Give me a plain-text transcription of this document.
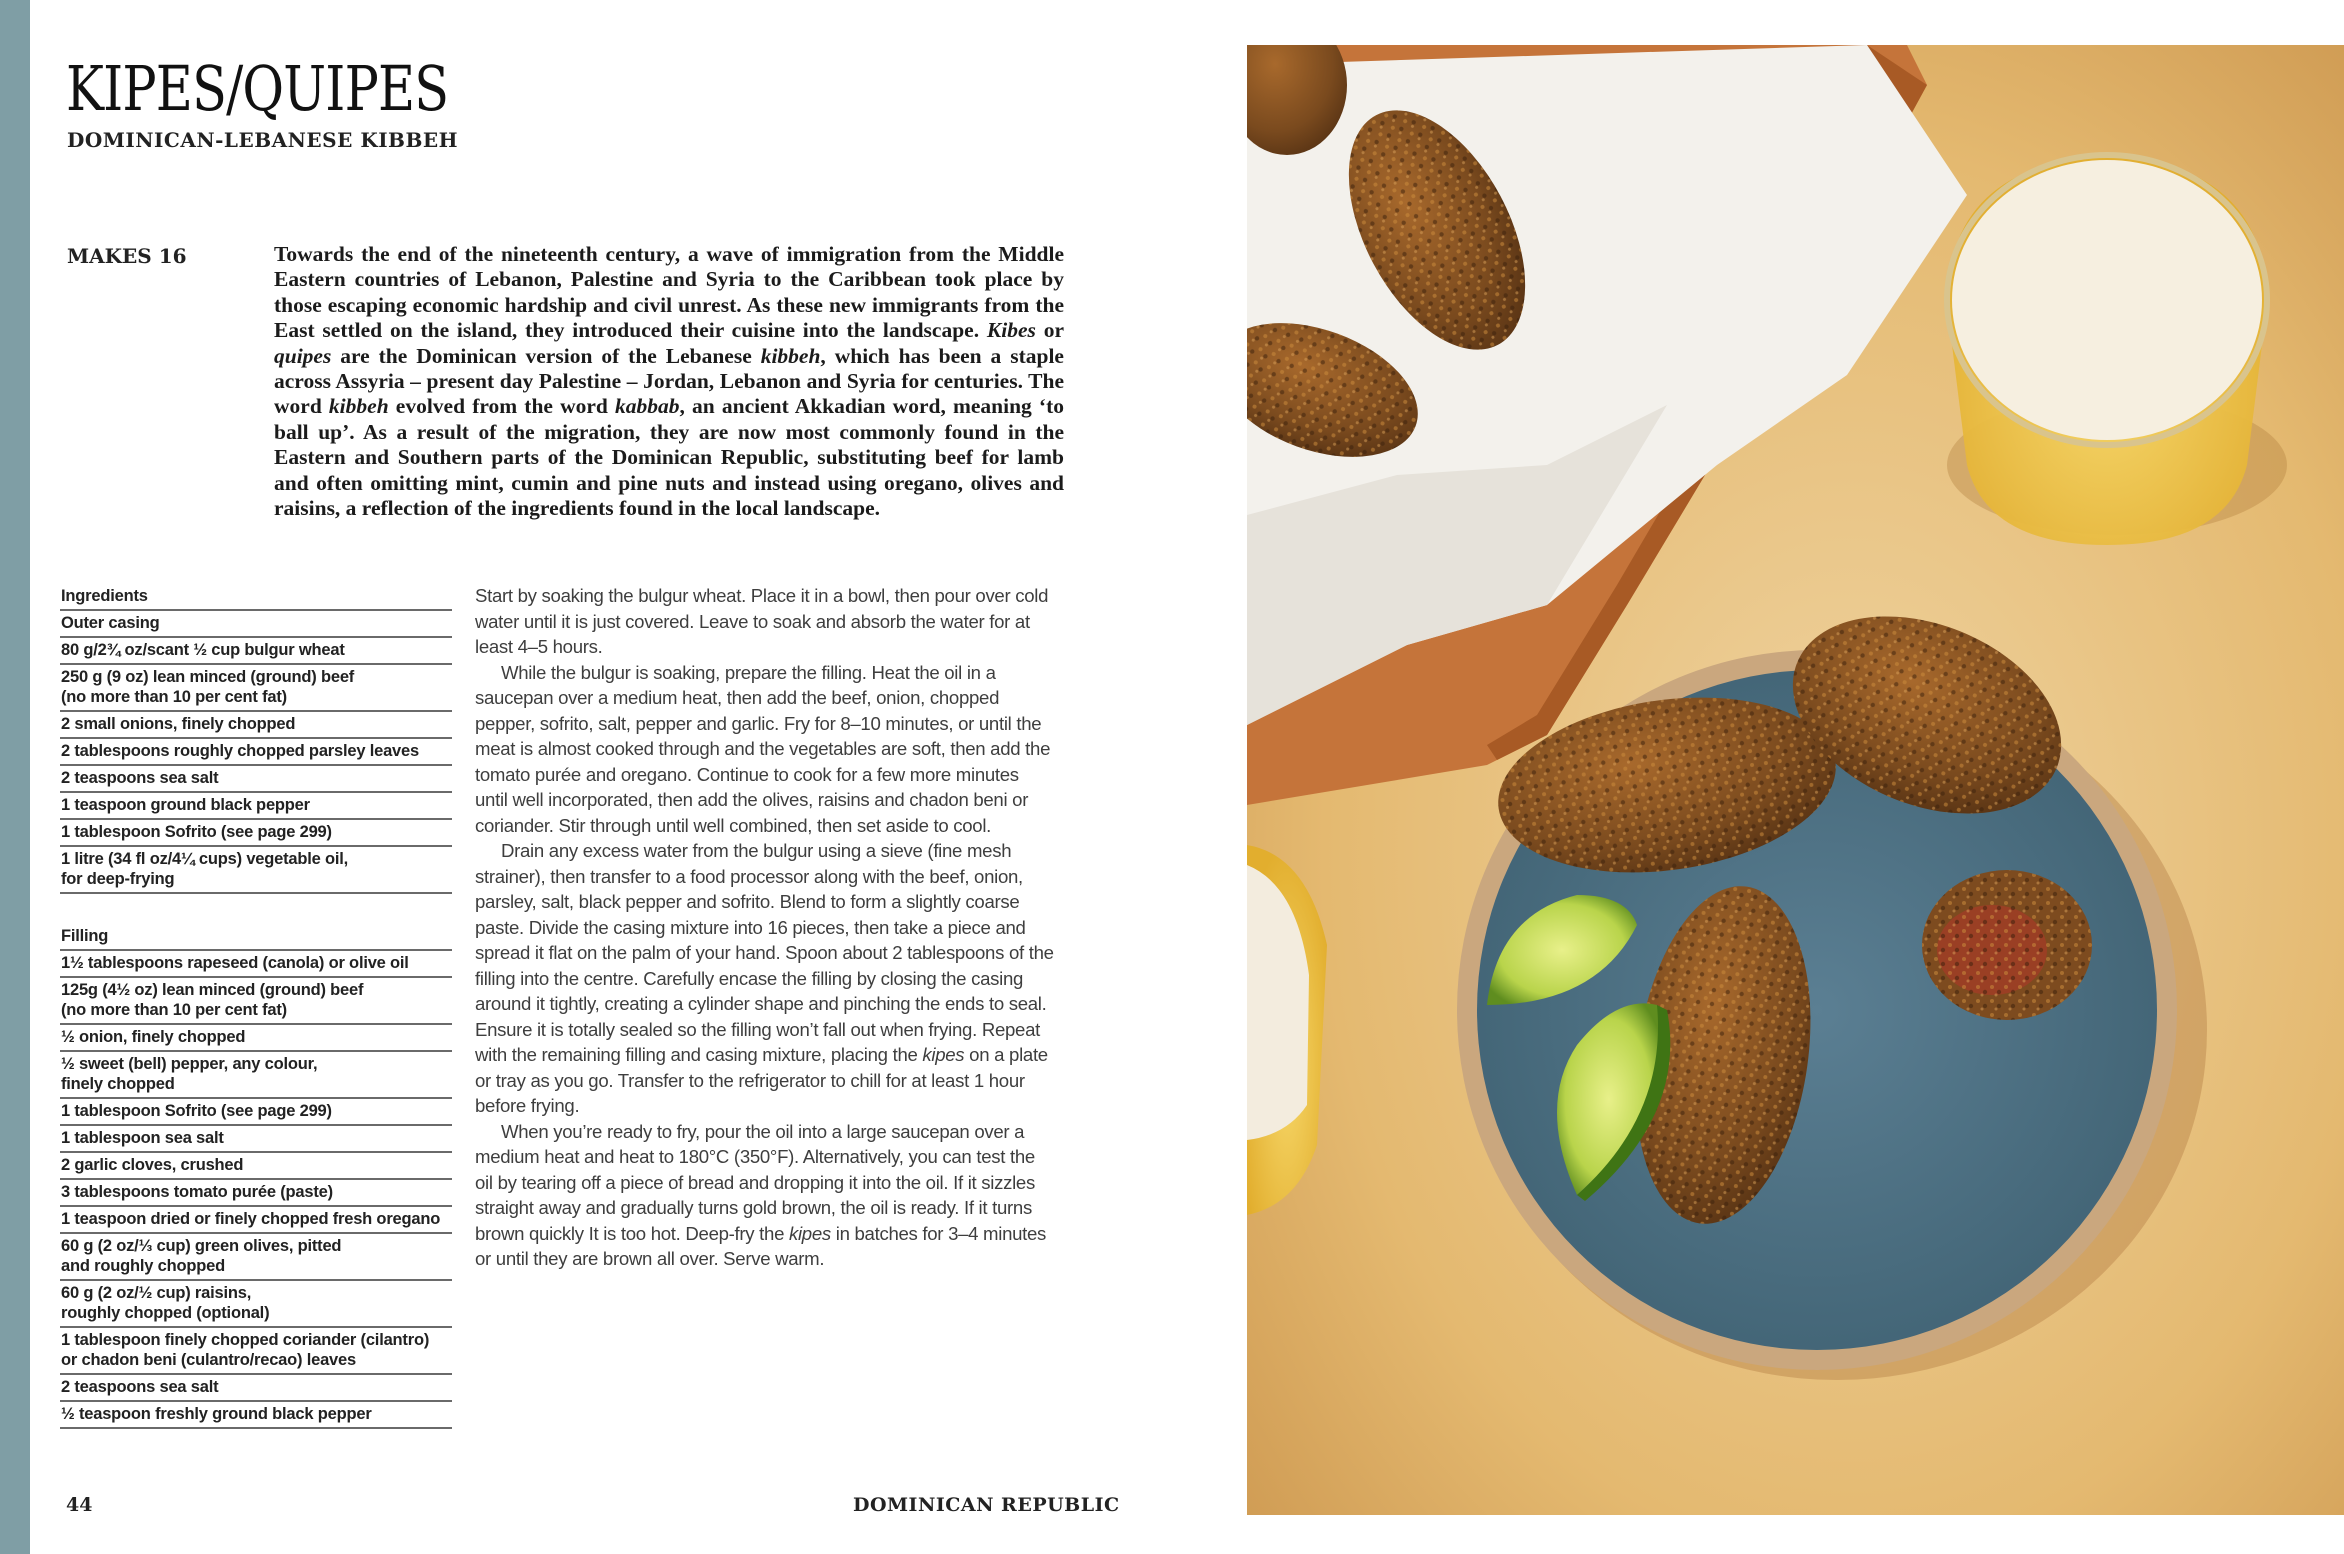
KIPES/QUIPES
DOMINICAN-LEBANESE KIBBEH
MAKES 16	Towards the end of the nineteenth century, a wave of immigration from the Middle Eastern countries of Lebanon, Palestine and Syria to the Caribbean took place by those escaping economic hardship and civil unrest. As these new immigrants from the East settled on the island, they introduced their cuisine into the landscape. Kibes or quipes are the Dominican version of the Lebanese kibbeh, which has been a staple across Assyria – present day Palestine – Jordan, Lebanon and Syria for centuries. The word kibbeh evolved from the word kabbab, an ancient Akkadian word, meaning ‘to ball up’. As a result of the migration, they are now most commonly found in the Eastern and Southern parts of the Dominican Republic, substituting beef for lamb and often omitting mint, cumin and pine nuts and instead using oregano, olives and raisins, a reflection of the ingredients found in the local landscape.

Ingredients
Outer casing
80 g/2¾ oz/scant ½ cup bulgur wheat
250 g (9 oz) lean minced (ground) beef
(no more than 10 per cent fat)
2 small onions, finely chopped
2 tablespoons roughly chopped parsley leaves
2 teaspoons sea salt
1 teaspoon ground black pepper
1 tablespoon Sofrito (see page 299)
1 litre (34 fl oz/4¼ cups) vegetable oil,
for deep-frying
Filling
1½ tablespoons rapeseed (canola) or olive oil
125g (4½ oz) lean minced (ground) beef
(no more than 10 per cent fat)
½ onion, finely chopped
½ sweet (bell) pepper, any colour,
finely chopped
1 tablespoon Sofrito (see page 299)
1 tablespoon sea salt
2 garlic cloves, crushed
3 tablespoons tomato purée (paste)
1 teaspoon dried or finely chopped fresh oregano
60 g (2 oz/⅓ cup) green olives, pitted
and roughly chopped
60 g (2 oz/½ cup) raisins,
roughly chopped (optional)
1 tablespoon finely chopped coriander (cilantro)
or chadon beni (culantro/recao) leaves
2 teaspoons sea salt
½ teaspoon freshly ground black pepper

Start by soaking the bulgur wheat. Place it in a bowl, then pour over cold water until it is just covered. Leave to soak and absorb the water for at least 4–5 hours.

While the bulgur is soaking, prepare the filling. Heat the oil in a saucepan over a medium heat, then add the beef, onion, chopped pepper, sofrito, salt, pepper and garlic. Fry for 8–10 minutes, or until the meat is almost cooked through and the vegetables are soft, then add the tomato purée and oregano. Continue to cook for a few more minutes until well incorporated, then add the olives, raisins and chadon beni or coriander. Stir through until well combined, then set aside to cool.

Drain any excess water from the bulgur using a sieve (fine mesh strainer), then transfer to a food processor along with the beef, onion, parsley, salt, black pepper and sofrito. Blend to form a slightly coarse paste. Divide the casing mixture into 16 pieces, then take a piece and spread it flat on the palm of your hand. Spoon about 2 tablespoons of the filling into the centre. Carefully encase the filling by closing the casing around it tightly, creating a cylinder shape and pinching the ends to seal. Ensure it is totally sealed so the filling won’t fall out when frying. Repeat with the remaining filling and casing mixture, placing the kipes on a plate or tray as you go. Transfer to the refrigerator to chill for at least 1 hour before frying.

When you’re ready to fry, pour the oil into a large saucepan over a medium heat and heat to 180°C (350°F). Alternatively, you can test the oil by tearing off a piece of bread and dropping it into the oil. If it sizzles straight away and gradually turns gold brown, the oil is ready. If it turns brown quickly It is too hot. Deep-fry the kipes in batches for 3–4 minutes or until they are brown all over. Serve warm.

44	DOMINICAN REPUBLIC
